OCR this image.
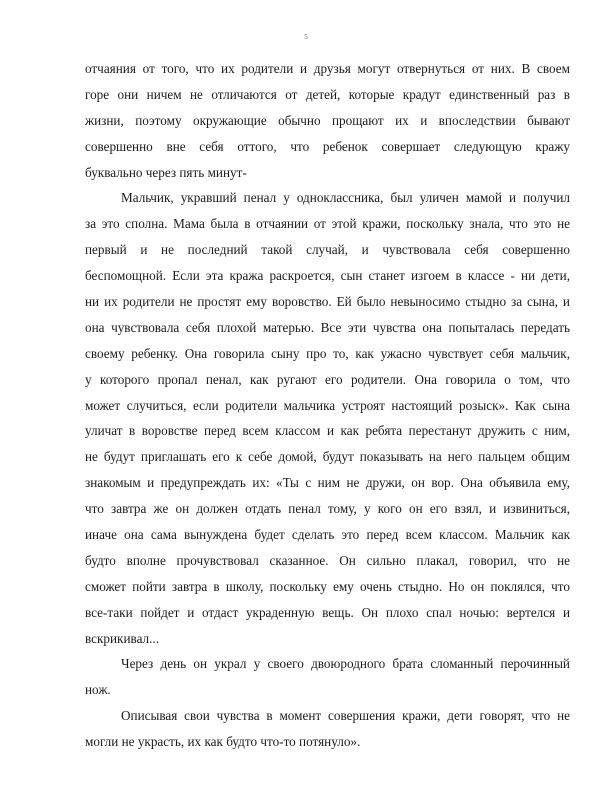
5
отчаяния от того, что их родители и друзья могут отвернуться от них. В своем
горе они ничем не отличаются от детей, которые крадут единственный раз в
жизни, поэтому окружающие обычно прощают их и впоследствии бывают
совершенно вне себя оттого, что ребенок совершает следующую кражу
буквально через пять минут-
Мальчик, укравший пенал у одноклассника, был уличен мамой и получил
за это сполна. Мама была в отчаянии от этой кражи, поскольку знала, что это не
первый и не последний такой случай, и чувствовала себя совершенно
беспомощной. Если эта кража раскроется, сын станет изгоем в классе - ни дети,
ни их родители не простят ему воровство. Ей было невыносимо стыдно за сына, и
она чувствовала себя плохой матерью. Все эти чувства она попыталась передать
своему ребенку. Она говорила сыну про то, как ужасно чувствует себя мальчик,
у которого пропал пенал, как ругают его родители. Она говорила о том, что
может случиться, если родители мальчика устроят настоящий розыск». Как сына
уличат в воровстве перед всем классом и как ребята перестанут дружить с ним,
не будут приглашать его к себе домой, будут показывать на него пальцем общим
знакомым и предупреждать их: «Ты с ним не дружи, он вор. Она объявила ему,
что завтра же он должен отдать пенал тому, у кого он его взял, и извиниться,
иначе она сама вынуждена будет сделать это перед всем классом. Мальчик как
будто вполне прочувствовал сказанное. Он сильно плакал, говорил, что не
сможет пойти завтра в школу, поскольку ему очень стыдно. Но он поклялся, что
все-таки пойдет и отдаст украденную вещь. Он плохо спал ночью: вертелся и
вскрикивал...
Через день он украл у своего двоюродного брата сломанный перочинный
нож.
Описывая свои чувства в момент совершения кражи, дети говорят, что не
могли не украсть, их как будто что-то потянуло».
